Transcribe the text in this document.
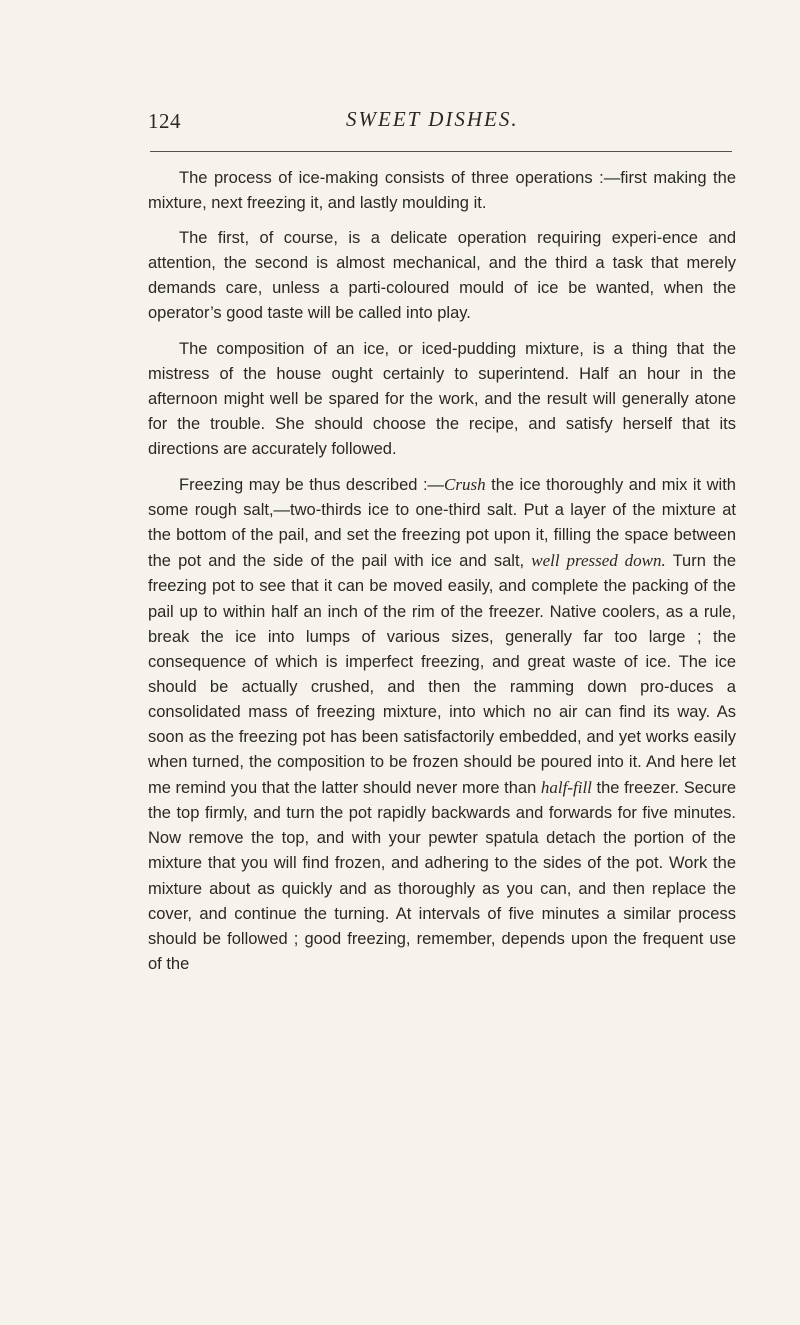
124	SWEET DISHES.

The process of ice-making consists of three operations :—first making the mixture, next freezing it, and lastly moulding it.

The first, of course, is a delicate operation requiring experi-ence and attention, the second is almost mechanical, and the third a task that merely demands care, unless a parti-coloured mould of ice be wanted, when the operator’s good taste will be called into play.

The composition of an ice, or iced-pudding mixture, is a thing that the mistress of the house ought certainly to superintend. Half an hour in the afternoon might well be spared for the work, and the result will generally atone for the trouble. She should choose the recipe, and satisfy herself that its directions are accurately followed.

Freezing may be thus described :—Crush the ice thoroughly and mix it with some rough salt,—two-thirds ice to one-third salt. Put a layer of the mixture at the bottom of the pail, and set the freezing pot upon it, filling the space between the pot and the side of the pail with ice and salt, well pressed down. Turn the freezing pot to see that it can be moved easily, and complete the packing of the pail up to within half an inch of the rim of the freezer. Native coolers, as a rule, break the ice into lumps of various sizes, generally far too large ; the consequence of which is imperfect freezing, and great waste of ice. The ice should be actually crushed, and then the ramming down pro-duces a consolidated mass of freezing mixture, into which no air can find its way. As soon as the freezing pot has been satisfactorily embedded, and yet works easily when turned, the composition to be frozen should be poured into it. And here let me remind you that the latter should never more than half-fill the freezer. Secure the top firmly, and turn the pot rapidly backwards and forwards for five minutes. Now remove the top, and with your pewter spatula detach the portion of the mixture that you will find frozen, and adhering to the sides of the pot. Work the mixture about as quickly and as thoroughly as you can, and then replace the cover, and continue the turning. At intervals of five minutes a similar process should be followed ; good freezing, remember, depends upon the frequent use of the
